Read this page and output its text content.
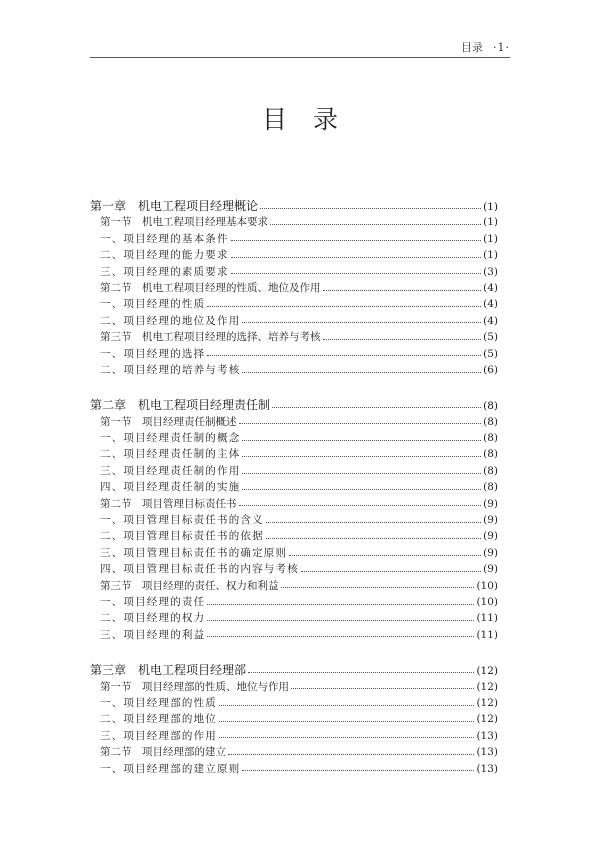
目录 ·1·
目录
第一章　机电工程项目经理概论	(1)
第一节　机电工程项目经理基本要求	(1)
一、项目经理的基本条件	(1)
二、项目经理的能力要求	(1)
三、项目经理的素质要求	(3)
第二节　机电工程项目经理的性质、地位及作用	(4)
一、项目经理的性质	(4)
二、项目经理的地位及作用	(4)
第三节　机电工程项目经理的选择、培养与考核	(5)
一、项目经理的选择	(5)
二、项目经理的培养与考核	(6)
第二章　机电工程项目经理责任制	(8)
第一节　项目经理责任制概述	(8)
一、项目经理责任制的概念	(8)
二、项目经理责任制的主体	(8)
三、项目经理责任制的作用	(8)
四、项目经理责任制的实施	(8)
第二节　项目管理目标责任书	(9)
一、项目管理目标责任书的含义	(9)
二、项目管理目标责任书的依据	(9)
三、项目管理目标责任书的确定原则	(9)
四、项目管理目标责任书的内容与考核	(9)
第三节　项目经理的责任、权力和利益	(10)
一、项目经理的责任	(10)
二、项目经理的权力	(11)
三、项目经理的利益	(11)
第三章　机电工程项目经理部	(12)
第一节　项目经理部的性质、地位与作用	(12)
一、项目经理部的性质	(12)
二、项目经理部的地位	(12)
三、项目经理部的作用	(13)
第二节　项目经理部的建立	(13)
一、项目经理部的建立原则	(13)
